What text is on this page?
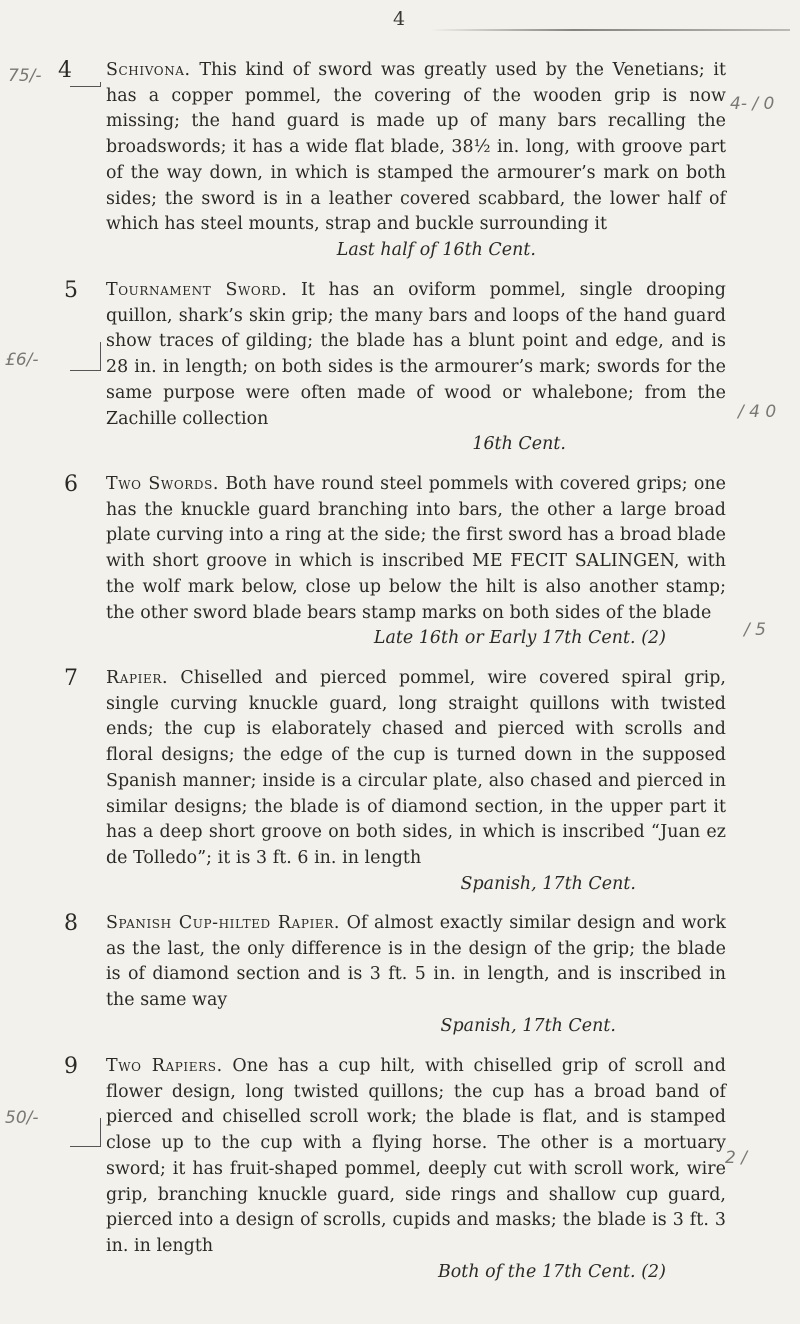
4
4	Schivona. This kind of sword was greatly used by the Venetians; it has a copper pommel, the covering of the wooden grip is now missing; the hand guard is made up of many bars recalling the broadswords; it has a wide flat blade, 38½ in. long, with groove part of the way down, in which is stamped the armourer’s mark on both sides; the sword is in a leather covered scabbard, the lower half of which has steel mounts, strap and buckle surrounding it
Last half of 16th Cent.
75/-
4- / 0
5	Tournament Sword. It has an oviform pommel, single drooping quillon, shark’s skin grip; the many bars and loops of the hand guard show traces of gilding; the blade has a blunt point and edge, and is 28 in. in length; on both sides is the armourer’s mark; swords for the same purpose were often made of wood or whalebone; from the Zachille collection
16th Cent.
£6/-
/ 4 0
6	Two Swords. Both have round steel pommels with covered grips; one has the knuckle guard branching into bars, the other a large broad plate curving into a ring at the side; the first sword has a broad blade with short groove in which is inscribed ME FECIT SALINGEN, with the wolf mark below, close up below the hilt is also another stamp; the other sword blade bears stamp marks on both sides of the blade
Late 16th or Early 17th Cent. (2)	/ 5
7	Rapier. Chiselled and pierced pommel, wire covered spiral grip, single curving knuckle guard, long straight quillons with twisted ends; the cup is elaborately chased and pierced with scrolls and floral designs; the edge of the cup is turned down in the supposed Spanish manner; inside is a circular plate, also chased and pierced in similar designs; the blade is of diamond section, in the upper part it has a deep short groove on both sides, in which is inscribed “Juan ez de Tolledo”; it is 3 ft. 6 in. in length
Spanish, 17th Cent.
8	Spanish Cup-hilted Rapier. Of almost exactly similar design and work as the last, the only difference is in the design of the grip; the blade is of diamond section and is 3 ft. 5 in. in length, and is inscribed in the same way
Spanish, 17th Cent.
50/-
2 /
9	Two Rapiers. One has a cup hilt, with chiselled grip of scroll and flower design, long twisted quillons; the cup has a broad band of pierced and chiselled scroll work; the blade is flat, and is stamped close up to the cup with a flying horse. The other is a mortuary sword; it has fruit-shaped pommel, deeply cut with scroll work, wire grip, branching knuckle guard, side rings and shallow cup guard, pierced into a design of scrolls, cupids and masks; the blade is 3 ft. 3 in. in length
Both of the 17th Cent. (2)
